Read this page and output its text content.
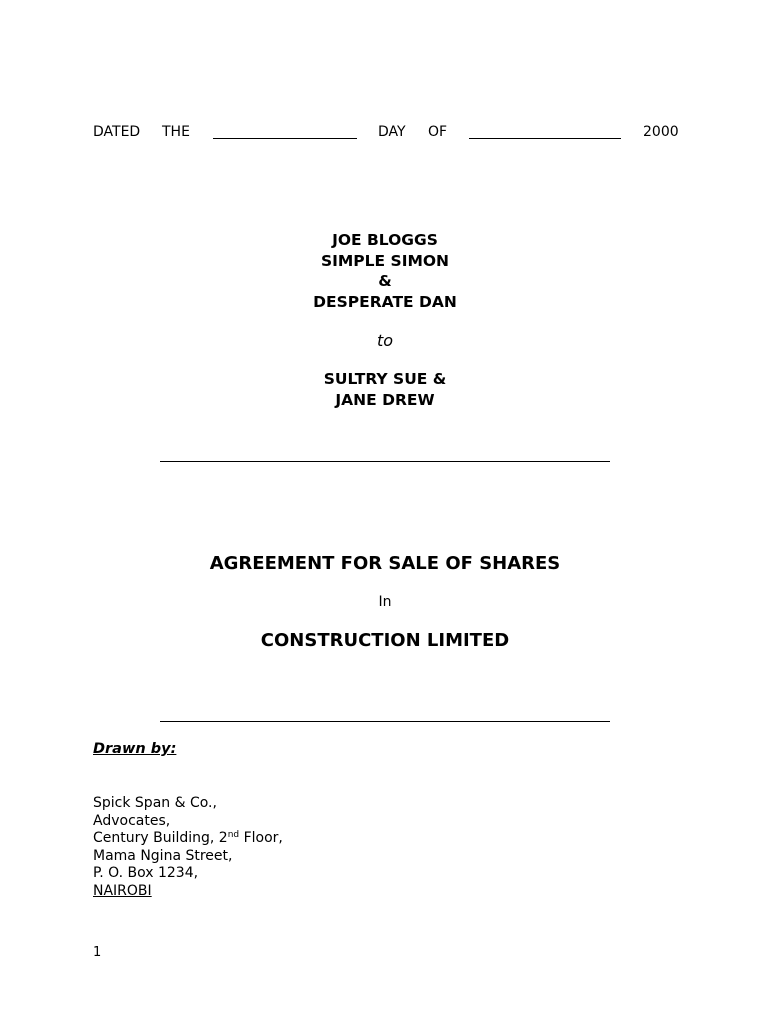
DATED THE	DAY OF	2000
JOE BLOGGS
SIMPLE SIMON
&
DESPERATE DAN
to
SULTRY SUE &
JANE DREW
AGREEMENT FOR SALE OF SHARES
In
CONSTRUCTION LIMITED
Drawn by:
Spick Span & Co.,
Advocates,
Century Building, 2nd Floor,
Mama Ngina Street,
P. O. Box 1234,
NAIROBI
1
